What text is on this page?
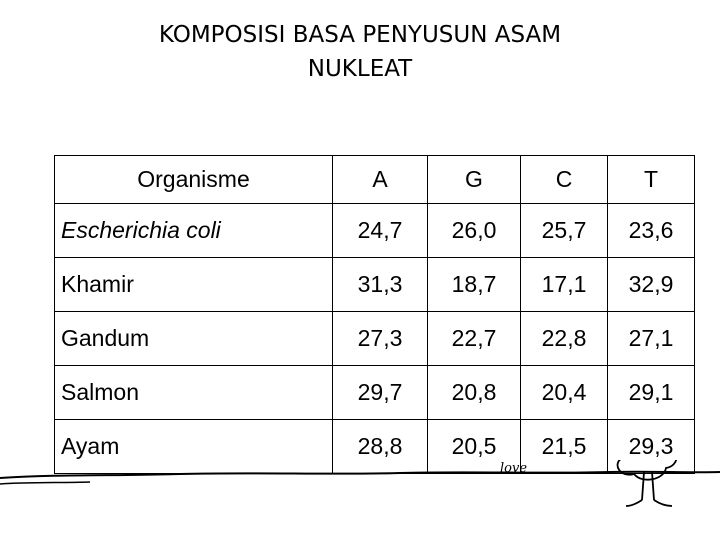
KOMPOSISI BASA PENYUSUN ASAM
NUKLEAT
Organisme	A	G	C	T
Escherichia coli	24,7	26,0	25,7	23,6
Khamir	31,3	18,7	17,1	32,9
Gandum	27,3	22,7	22,8	27,1
Salmon	29,7	20,8	20,4	29,1
Ayam	28,8	20,5	21,5	29,3
love
